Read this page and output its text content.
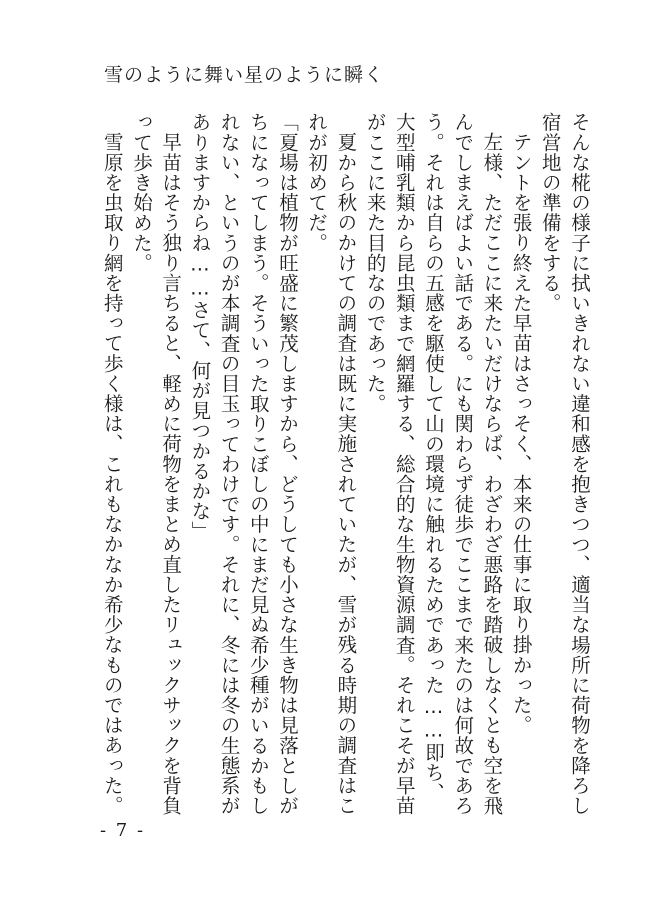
雪のように舞い星のように瞬く

そんな椛の様子に拭いきれない違和感を抱きつつ、適当な場所に荷物を降ろし宿営地の準備をする。

テントを張り終えた早苗はさっそく、本来の仕事に取り掛かった。

左様、ただここに来たいだけならば、わざわざ悪路を踏破しなくとも空を飛んでしまえばよい話である。にも関わらず徒歩でここまで来たのは何故であろう。それは自らの五感を駆使して山の環境に触れるためであった……即ち、大型哺乳類から昆虫類まで網羅する、総合的な生物資源調査。それこそが早苗がここに来た目的なのであった。

夏から秋のかけての調査は既に実施されていたが、雪が残る時期の調査はこれが初めてだ。

「夏場は植物が旺盛に繁茂しますから、どうしても小さな生き物は見落としがちになってしまう。そういった取りこぼしの中にまだ見ぬ希少種がいるかもしれない、というのが本調査の目玉ってわけです。それに、冬には冬の生態系がありますからね……さて、何が見つかるかな」

早苗はそう独り言ちると、軽めに荷物をまとめ直したリュックサックを背負って歩き始めた。

雪原を虫取り網を持って歩く様は、これもなかなか希少なものではあった。

- 7 -
